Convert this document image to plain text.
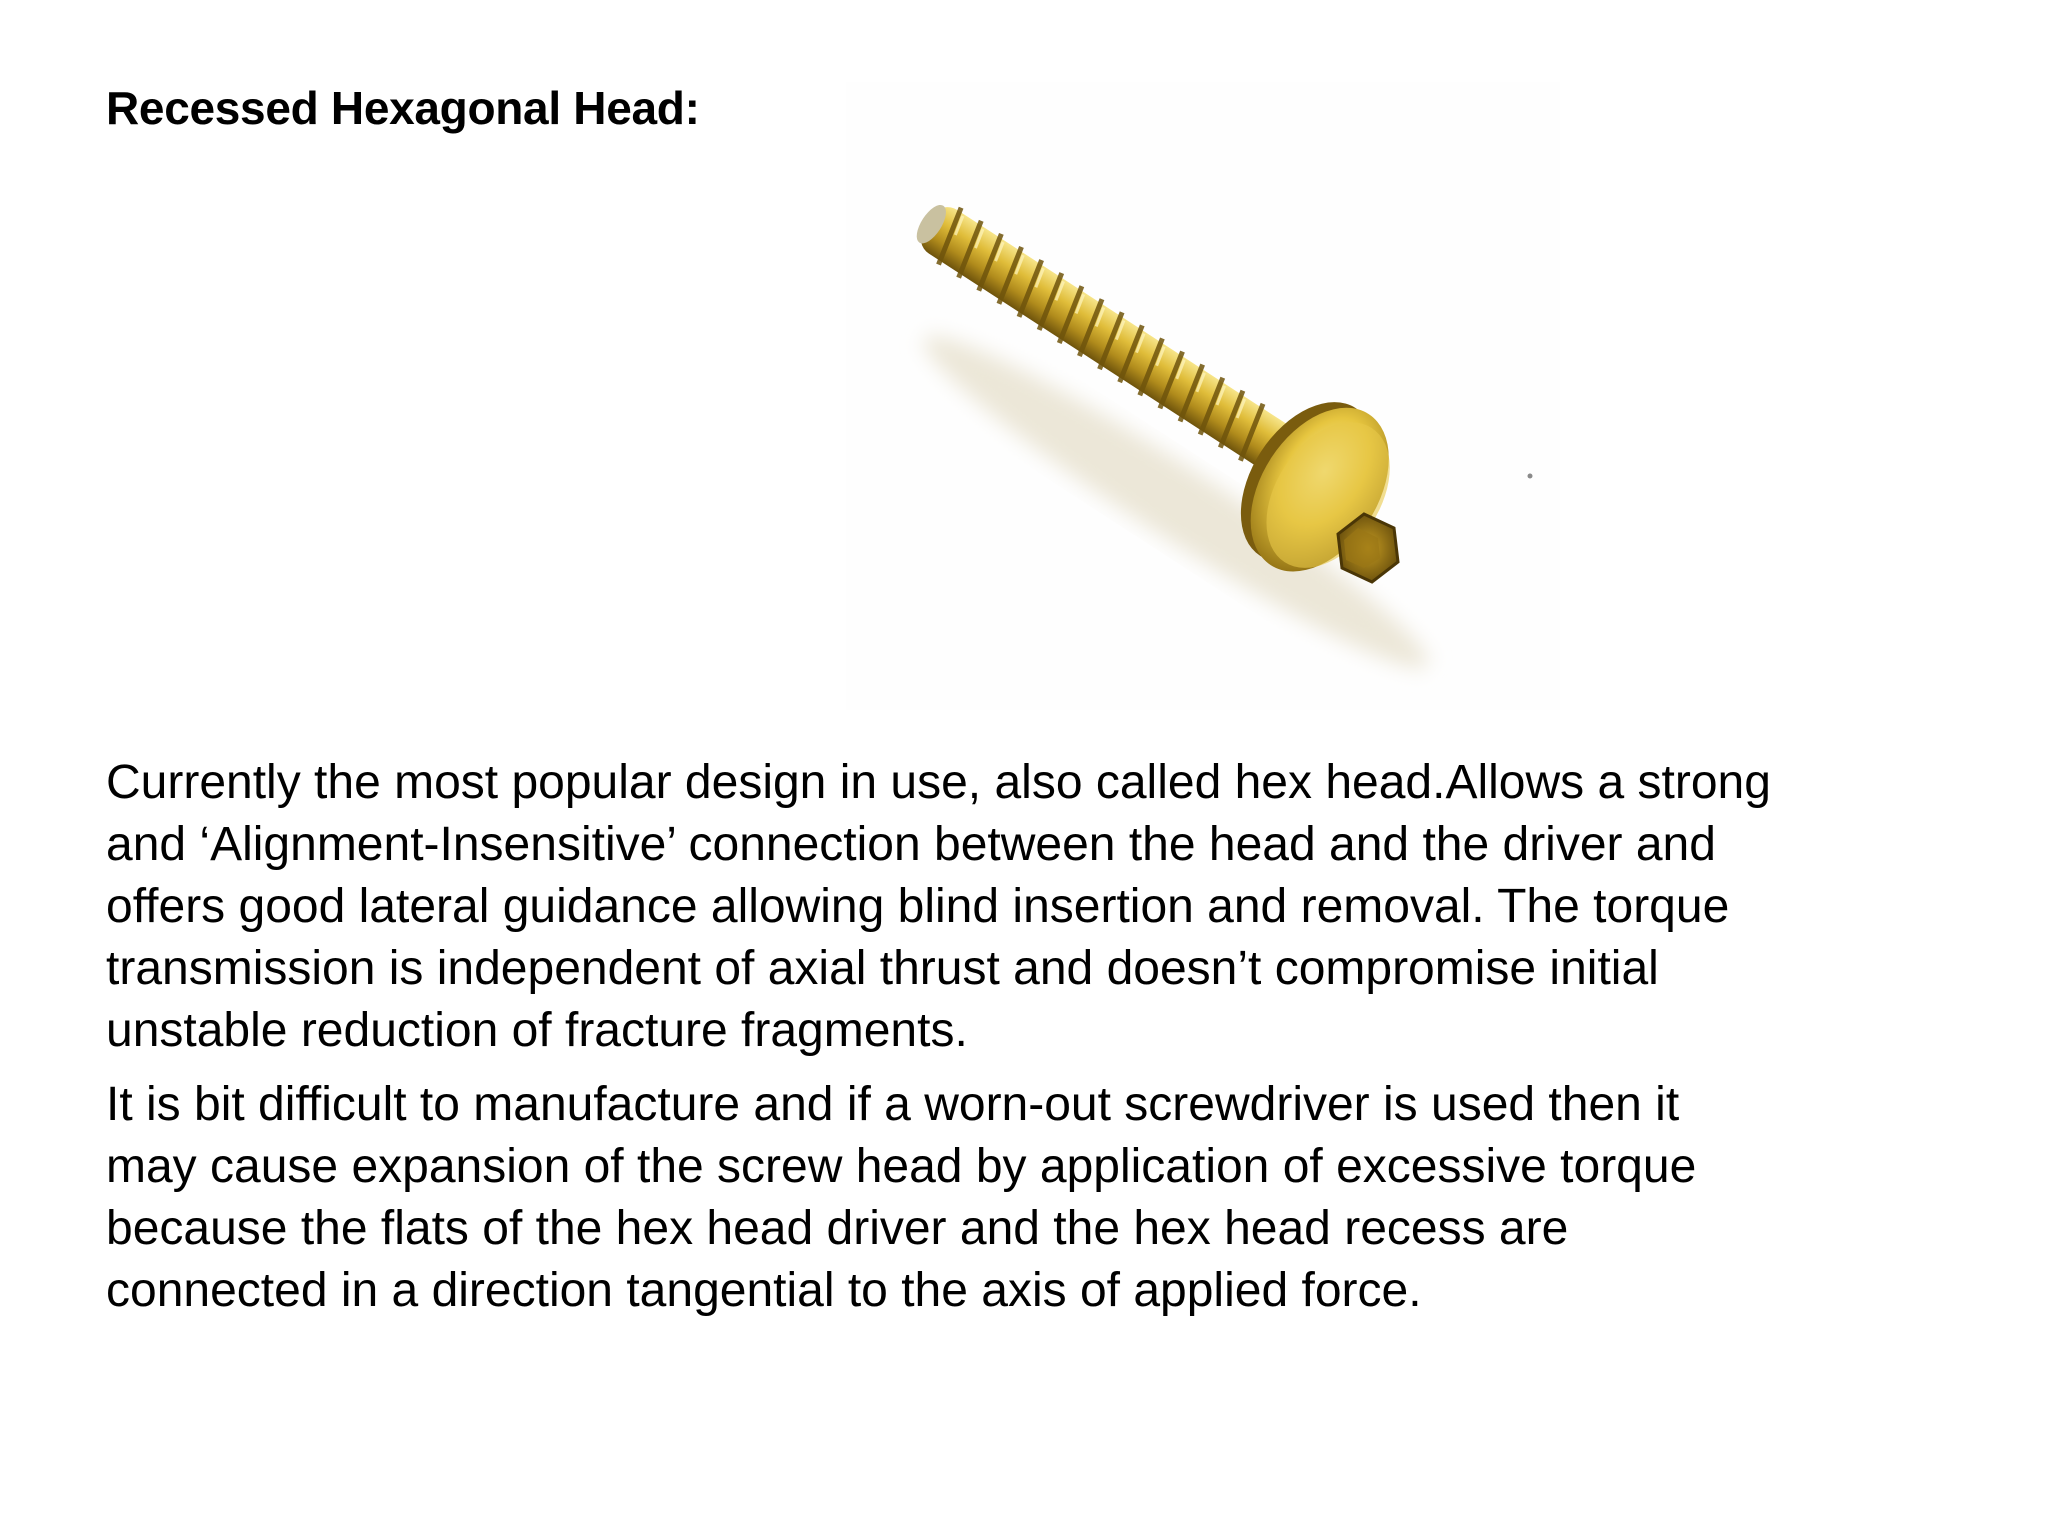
Recessed Hexagonal Head:

Currently the most popular design in use, also called hex head.Allows a strong
and ‘Alignment-Insensitive’ connection between the head and the driver and
offers good lateral guidance allowing blind insertion and removal. The torque
transmission is independent of axial thrust and doesn’t compromise initial
unstable reduction of fracture fragments.

It is bit difficult to manufacture and if a worn-out screwdriver is used then it
may cause expansion of the screw head by application of excessive torque
because the flats of the hex head driver and the hex head recess are
connected in a direction tangential to the axis of applied force.
